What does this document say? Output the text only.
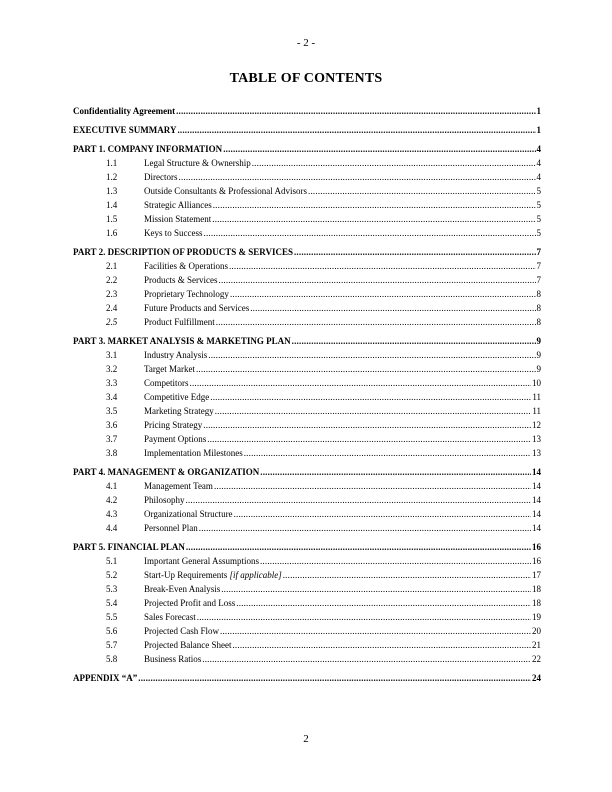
- 2 -
TABLE OF CONTENTS
Confidentiality Agreement .....	1
EXECUTIVE SUMMARY .....	1
PART 1. COMPANY INFORMATION .....	4
1.1	Legal Structure & Ownership .....	4
1.2	Directors .....	4
1.3	Outside Consultants & Professional Advisors .....	5
1.4	Strategic Alliances .....	5
1.5	Mission Statement .....	5
1.6	Keys to Success .....	5
PART 2. DESCRIPTION OF PRODUCTS & SERVICES .....	7
2.1	Facilities & Operations .....	7
2.2	Products & Services .....	7
2.3	Proprietary Technology .....	8
2.4	Future Products and Services .....	8
2.5	Product Fulfillment .....	8
PART 3. MARKET ANALYSIS & MARKETING PLAN .....	9
3.1	Industry Analysis .....	9
3.2	Target Market .....	9
3.3	Competitors .....	10
3.4	Competitive Edge .....	11
3.5	Marketing Strategy .....	11
3.6	Pricing Strategy .....	12
3.7	Payment Options .....	13
3.8	Implementation Milestones .....	13
PART 4. MANAGEMENT & ORGANIZATION .....	14
4.1	Management Team .....	14
4.2	Philosophy .....	14
4.3	Organizational Structure .....	14
4.4	Personnel Plan .....	14
PART 5. FINANCIAL PLAN .....	16
5.1	Important General Assumptions .....	16
5.2	Start-Up Requirements [if applicable] .....	17
5.3	Break-Even Analysis .....	18
5.4	Projected Profit and Loss .....	18
5.5	Sales Forecast .....	19
5.6	Projected Cash Flow .....	20
5.7	Projected Balance Sheet .....	21
5.8	Business Ratios .....	22
APPENDIX “A” .....	24
2
